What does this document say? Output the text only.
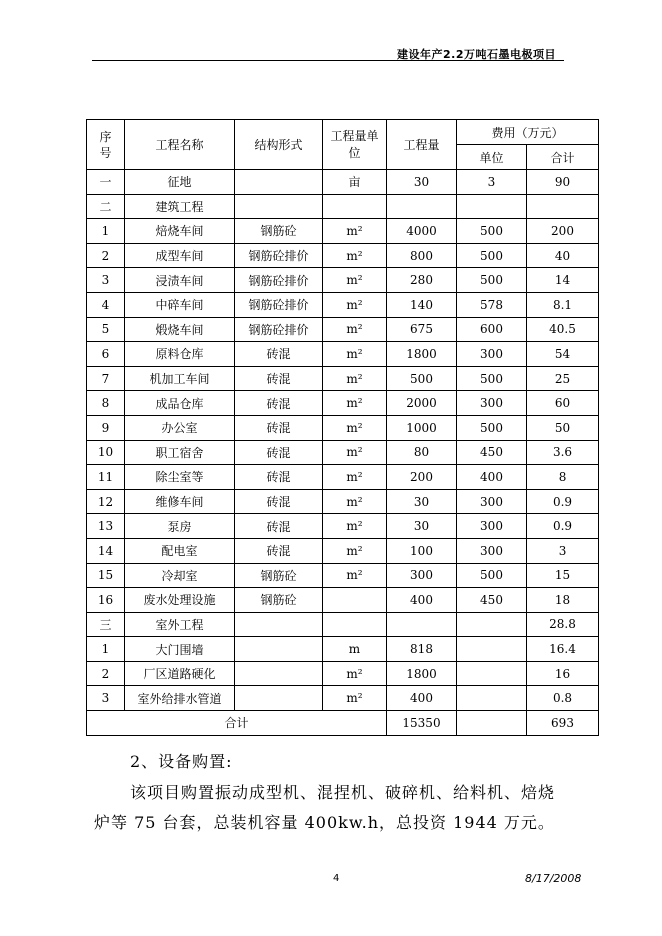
建设年产2.2万吨石墨电极项目
序号	工程名称	结构形式	工程量单位	工程量	费用（万元）	
					单位	合计
一	征地		亩	30	3	90
二	建筑工程					
1	焙烧车间	钢筋砼	m²	4000	500	200
2	成型车间	钢筋砼排价	m²	800	500	40
3	浸渍车间	钢筋砼排价	m²	280	500	14
4	中碎车间	钢筋砼排价	m²	140	578	8.1
5	煅烧车间	钢筋砼排价	m²	675	600	40.5
6	原料仓库	砖混	m²	1800	300	54
7	机加工车间	砖混	m²	500	500	25
8	成品仓库	砖混	m²	2000	300	60
9	办公室	砖混	m²	1000	500	50
10	职工宿舍	砖混	m²	80	450	3.6
11	除尘室等	砖混	m²	200	400	8
12	维修车间	砖混	m²	30	300	0.9
13	泵房	砖混	m²	30	300	0.9
14	配电室	砖混	m²	100	300	3
15	冷却室	钢筋砼	m²	300	500	15
16	废水处理设施	钢筋砼		400	450	18
三	室外工程					28.8
1	大门围墙		m	818		16.4
2	厂区道路硬化		m²	1800		16
3	室外给排水管道		m²	400		0.8
合计				15350		693
2、设备购置:
该项目购置振动成型机、混捏机、破碎机、给料机、焙烧
炉等 75 台套，总装机容量 400kw.h，总投资 1944 万元。
4	8/17/2008
